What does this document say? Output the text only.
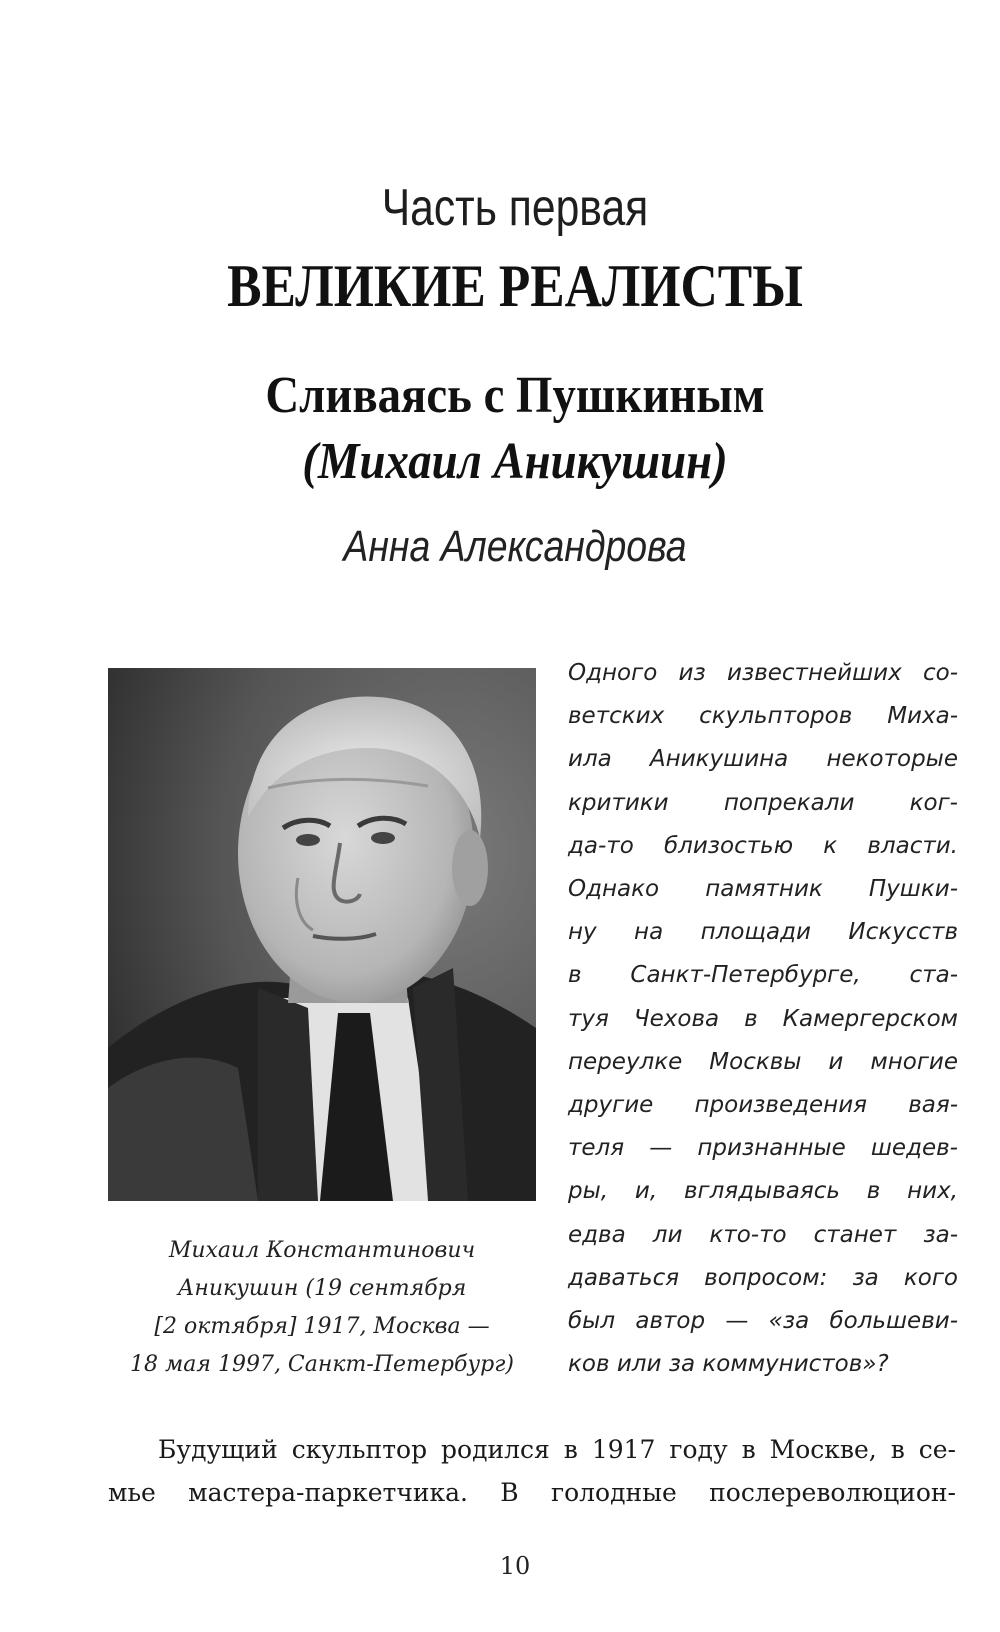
Часть первая
ВЕЛИКИЕ РЕАЛИСТЫ
Сливаясь с Пушкиным
(Михаил Аникушин)
Анна Александрова
Михаил Константинович
Аникушин (19 сентября
[2 октября] 1917, Москва —
18 мая 1997, Санкт-Петербург)
Одного из известнейших со-
ветских скульпторов Миха-
ила Аникушина некоторые
критики попрекали ког-
да-то близостью к власти.
Однако памятник Пушки-
ну на площади Искусств
в Санкт-Петербурге, ста-
туя Чехова в Камергерском
переулке Москвы и многие
другие произведения вая-
теля — признанные шедев-
ры, и, вглядываясь в них,
едва ли кто-то станет за-
даваться вопросом: за кого
был автор — «за большеви-
ков или за коммунистов»?
Будущий скульптор родился в 1917 году в Москве, в се-
мье мастера-паркетчика. В голодные послереволюцион-
10
